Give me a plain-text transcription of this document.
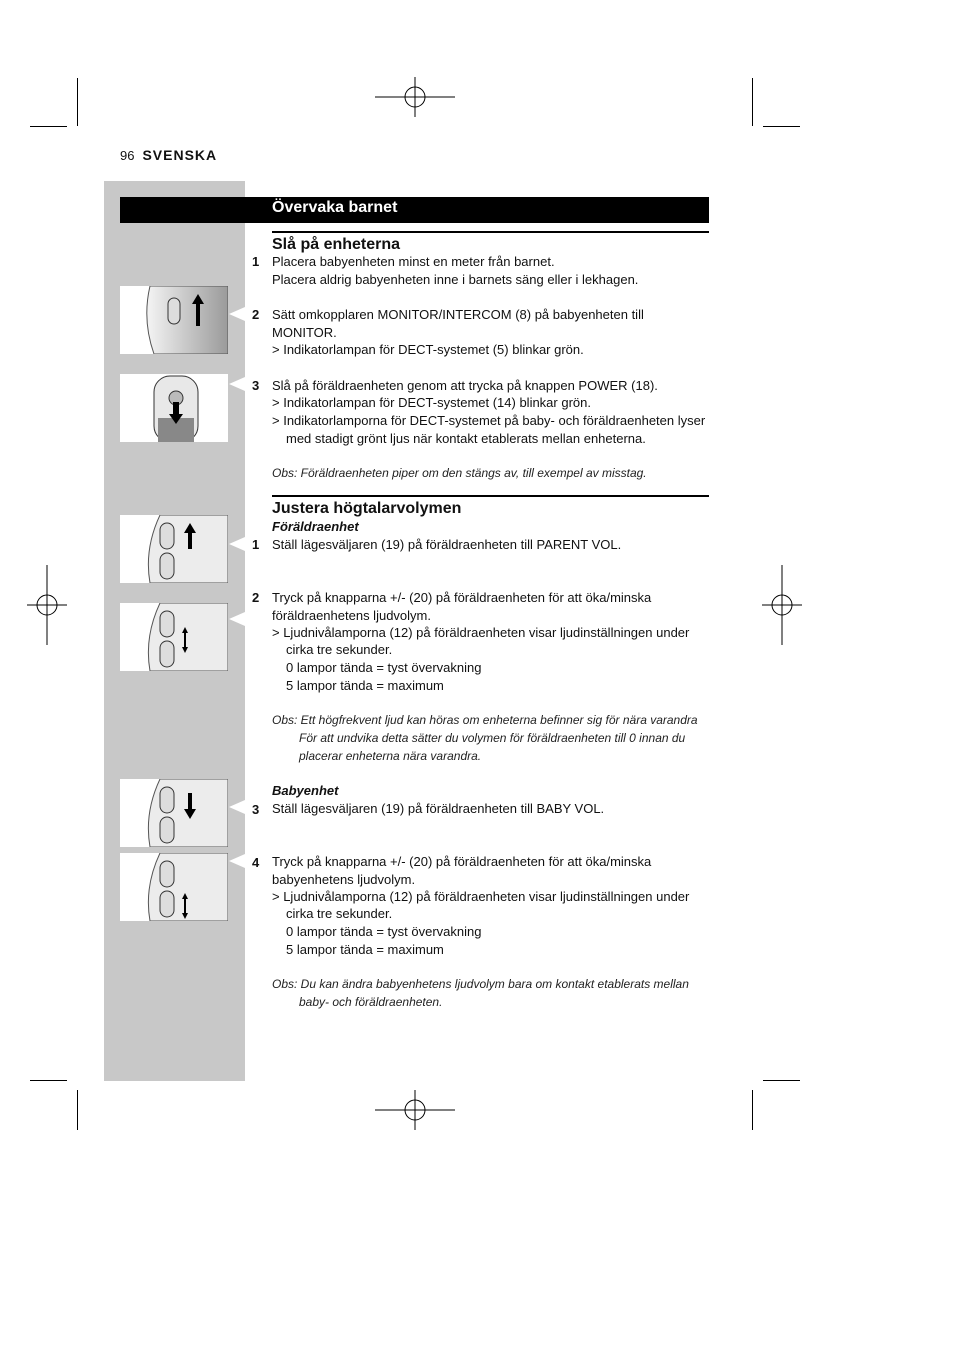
96 SVENSKA
Övervaka barnet
Slå på enheterna
1 Placera babyenheten minst en meter från barnet.
Placera aldrig babyenheten inne i barnets säng eller i lekhagen.
2 Sätt omkopplaren MONITOR/INTERCOM (8) på babyenheten till
MONITOR.
> Indikatorlampan för DECT-systemet (5) blinkar grön.
3 Slå på föräldraenheten genom att trycka på knappen POWER (18).
> Indikatorlampan för DECT-systemet (14) blinkar grön.
> Indikatorlamporna för DECT-systemet på baby- och föräldraenheten lyser
med stadigt grönt ljus när kontakt etablerats mellan enheterna.
Obs: Föräldraenheten piper om den stängs av, till exempel av misstag.
Justera högtalarvolymen
Föräldraenhet
1 Ställ lägesväljaren (19) på föräldraenheten till PARENT VOL.
2 Tryck på knapparna +/- (20) på föräldraenheten för att öka/minska
föräldraenhetens ljudvolym.
> Ljudnivålamporna (12) på föräldraenheten visar ljudinställningen under
cirka tre sekunder.
0 lampor tända = tyst övervakning
5 lampor tända = maximum
Obs: Ett högfrekvent ljud kan höras om enheterna befinner sig för nära varandra
För att undvika detta sätter du volymen för föräldraenheten till 0 innan du
placerar enheterna nära varandra.
Babyenhet
3 Ställ lägesväljaren (19) på föräldraenheten till BABY VOL.
4 Tryck på knapparna +/- (20) på föräldraenheten för att öka/minska
babyenhetens ljudvolym.
> Ljudnivålamporna (12) på föräldraenheten visar ljudinställningen under
cirka tre sekunder.
0 lampor tända = tyst övervakning
5 lampor tända = maximum
Obs: Du kan ändra babyenhetens ljudvolym bara om kontakt etablerats mellan
baby- och föräldraenheten.
